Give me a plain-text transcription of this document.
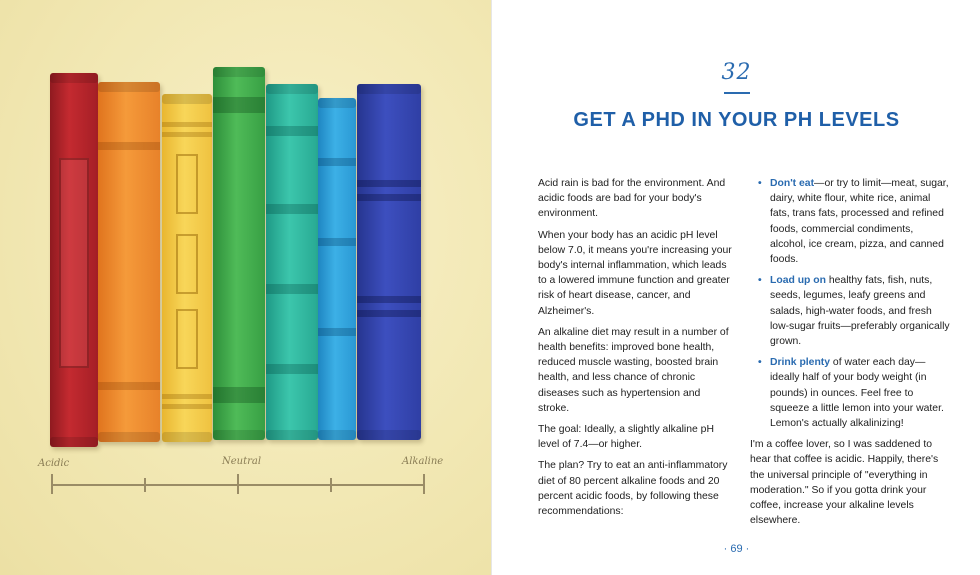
Acidic	Neutral	Alkaline
32
GET A PHD IN YOUR PH LEVELS

Acid rain is bad for the environment. And acidic foods are bad for your body's environment.

When your body has an acidic pH level below 7.0, it means you're increasing your body's internal inflammation, which leads to a lowered immune function and greater risk of heart disease, cancer, and Alzheimer's.

An alkaline diet may result in a number of health benefits: improved bone health, reduced muscle wasting, boosted brain health, and less chance of chronic diseases such as hypertension and stroke.

The goal: Ideally, a slightly alkaline pH level of 7.4—or higher.

The plan? Try to eat an anti-inflammatory diet of 80 percent alkaline foods and 20 percent acidic foods, by following these recommendations:

• Don't eat—or try to limit—meat, sugar, dairy, white flour, white rice, animal fats, trans fats, processed and refined foods, commercial condiments, alcohol, ice cream, pizza, and canned foods.
• Load up on healthy fats, fish, nuts, seeds, legumes, leafy greens and salads, high-water foods, and fresh low-sugar fruits—preferably organically grown.
• Drink plenty of water each day—ideally half of your body weight (in pounds) in ounces. Feel free to squeeze a little lemon into your water. Lemon's actually alkalinizing!

I'm a coffee lover, so I was saddened to hear that coffee is acidic. Happily, there's the universal principle of "everything in moderation." So if you gotta drink your coffee, increase your alkaline levels elsewhere.

· 69 ·
